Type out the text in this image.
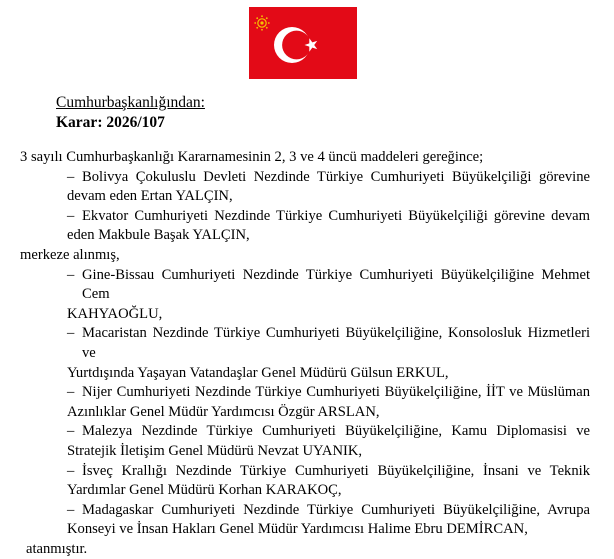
Cumhurbaşkanlığından:
Karar: 2026/107
3 sayılı Cumhurbaşkanlığı Kararnamesinin 2, 3 ve 4 üncü maddeleri gereğince;
– Bolivya Çokuluslu Devleti Nezdinde Türkiye Cumhuriyeti Büyükelçiliği görevine
devam eden Ertan YALÇIN,
– Ekvator Cumhuriyeti Nezdinde Türkiye Cumhuriyeti Büyükelçiliği görevine devam
eden Makbule Başak YALÇIN,
merkeze alınmış,
– Gine-Bissau Cumhuriyeti Nezdinde Türkiye Cumhuriyeti Büyükelçiliğine Mehmet Cem
KAHYAOĞLU,
– Macaristan Nezdinde Türkiye Cumhuriyeti Büyükelçiliğine, Konsolosluk Hizmetleri ve
Yurtdışında Yaşayan Vatandaşlar Genel Müdürü Gülsun ERKUL,
– Nijer Cumhuriyeti Nezdinde Türkiye Cumhuriyeti Büyükelçiliğine, İİT ve Müslüman
Azınlıklar Genel Müdür Yardımcısı Özgür ARSLAN,
– Malezya Nezdinde Türkiye Cumhuriyeti Büyükelçiliğine, Kamu Diplomasisi ve
Stratejik İletişim Genel Müdürü Nevzat UYANIK,
– İsveç Krallığı Nezdinde Türkiye Cumhuriyeti Büyükelçiliğine, İnsani ve Teknik
Yardımlar Genel Müdürü Korhan KARAKOÇ,
– Madagaskar Cumhuriyeti Nezdinde Türkiye Cumhuriyeti Büyükelçiliğine, Avrupa
Konseyi ve İnsan Hakları Genel Müdür Yardımcısı Halime Ebru DEMİRCAN,
atanmıştır.
